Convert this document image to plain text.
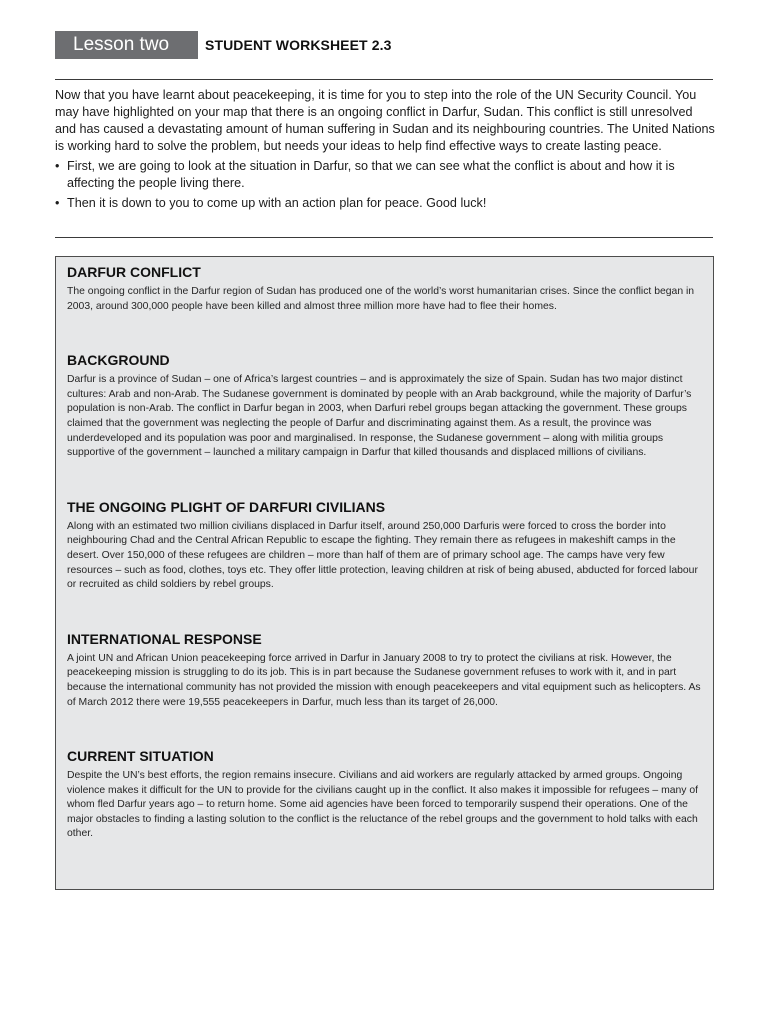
Lesson two	STUDENT WORKSHEET 2.3

Now that you have learnt about peacekeeping, it is time for you to step into the role of the UN Security Council. You may have highlighted on your map that there is an ongoing conflict in Darfur, Sudan. This conflict is still unresolved and has caused a devastating amount of human suffering in Sudan and its neighbouring countries. The United Nations is working hard to solve the problem, but needs your ideas to help find effective ways to create lasting peace.

• First, we are going to look at the situation in Darfur, so that we can see what the conflict is about and how it is affecting the people living there.
• Then it is down to you to come up with an action plan for peace. Good luck!
DARFUR CONFLICT

The ongoing conflict in the Darfur region of Sudan has produced one of the world’s worst humanitarian crises. Since the conflict began in 2003, around 300,000 people have been killed and almost three million more have had to flee their homes.

BACKGROUND

Darfur is a province of Sudan – one of Africa’s largest countries – and is approximately the size of Spain. Sudan has two major distinct cultures: Arab and non-Arab. The Sudanese government is dominated by people with an Arab background, while the majority of Darfur’s population is non-Arab. The conflict in Darfur began in 2003, when Darfuri rebel groups began attacking the government. These groups claimed that the government was neglecting the people of Darfur and discriminating against them. As a result, the province was underdeveloped and its population was poor and marginalised. In response, the Sudanese government – along with militia groups supportive of the government – launched a military campaign in Darfur that killed thousands and displaced millions of civilians.

THE ONGOING PLIGHT OF DARFURI CIVILIANS

Along with an estimated two million civilians displaced in Darfur itself, around 250,000 Darfuris were forced to cross the border into neighbouring Chad and the Central African Republic to escape the fighting. They remain there as refugees in makeshift camps in the desert. Over 150,000 of these refugees are children – more than half of them are of primary school age. The camps have very few resources – such as food, clothes, toys etc. They offer little protection, leaving children at risk of being abused, abducted for forced labour or recruited as child soldiers by rebel groups.

INTERNATIONAL RESPONSE

A joint UN and African Union peacekeeping force arrived in Darfur in January 2008 to try to protect the civilians at risk. However, the peacekeeping mission is struggling to do its job. This is in part because the Sudanese government refuses to work with it, and in part because the international community has not provided the mission with enough peacekeepers and vital equipment such as helicopters. As of March 2012 there were 19,555 peacekeepers in Darfur, much less than its target of 26,000.

CURRENT SITUATION

Despite the UN’s best efforts, the region remains insecure. Civilians and aid workers are regularly attacked by armed groups. Ongoing violence makes it difficult for the UN to provide for the civilians caught up in the conflict. It also makes it impossible for refugees – many of whom fled Darfur years ago – to return home. Some aid agencies have been forced to temporarily suspend their operations. One of the major obstacles to finding a lasting solution to the conflict is the reluctance of the rebel groups and the government to hold talks with each other.
